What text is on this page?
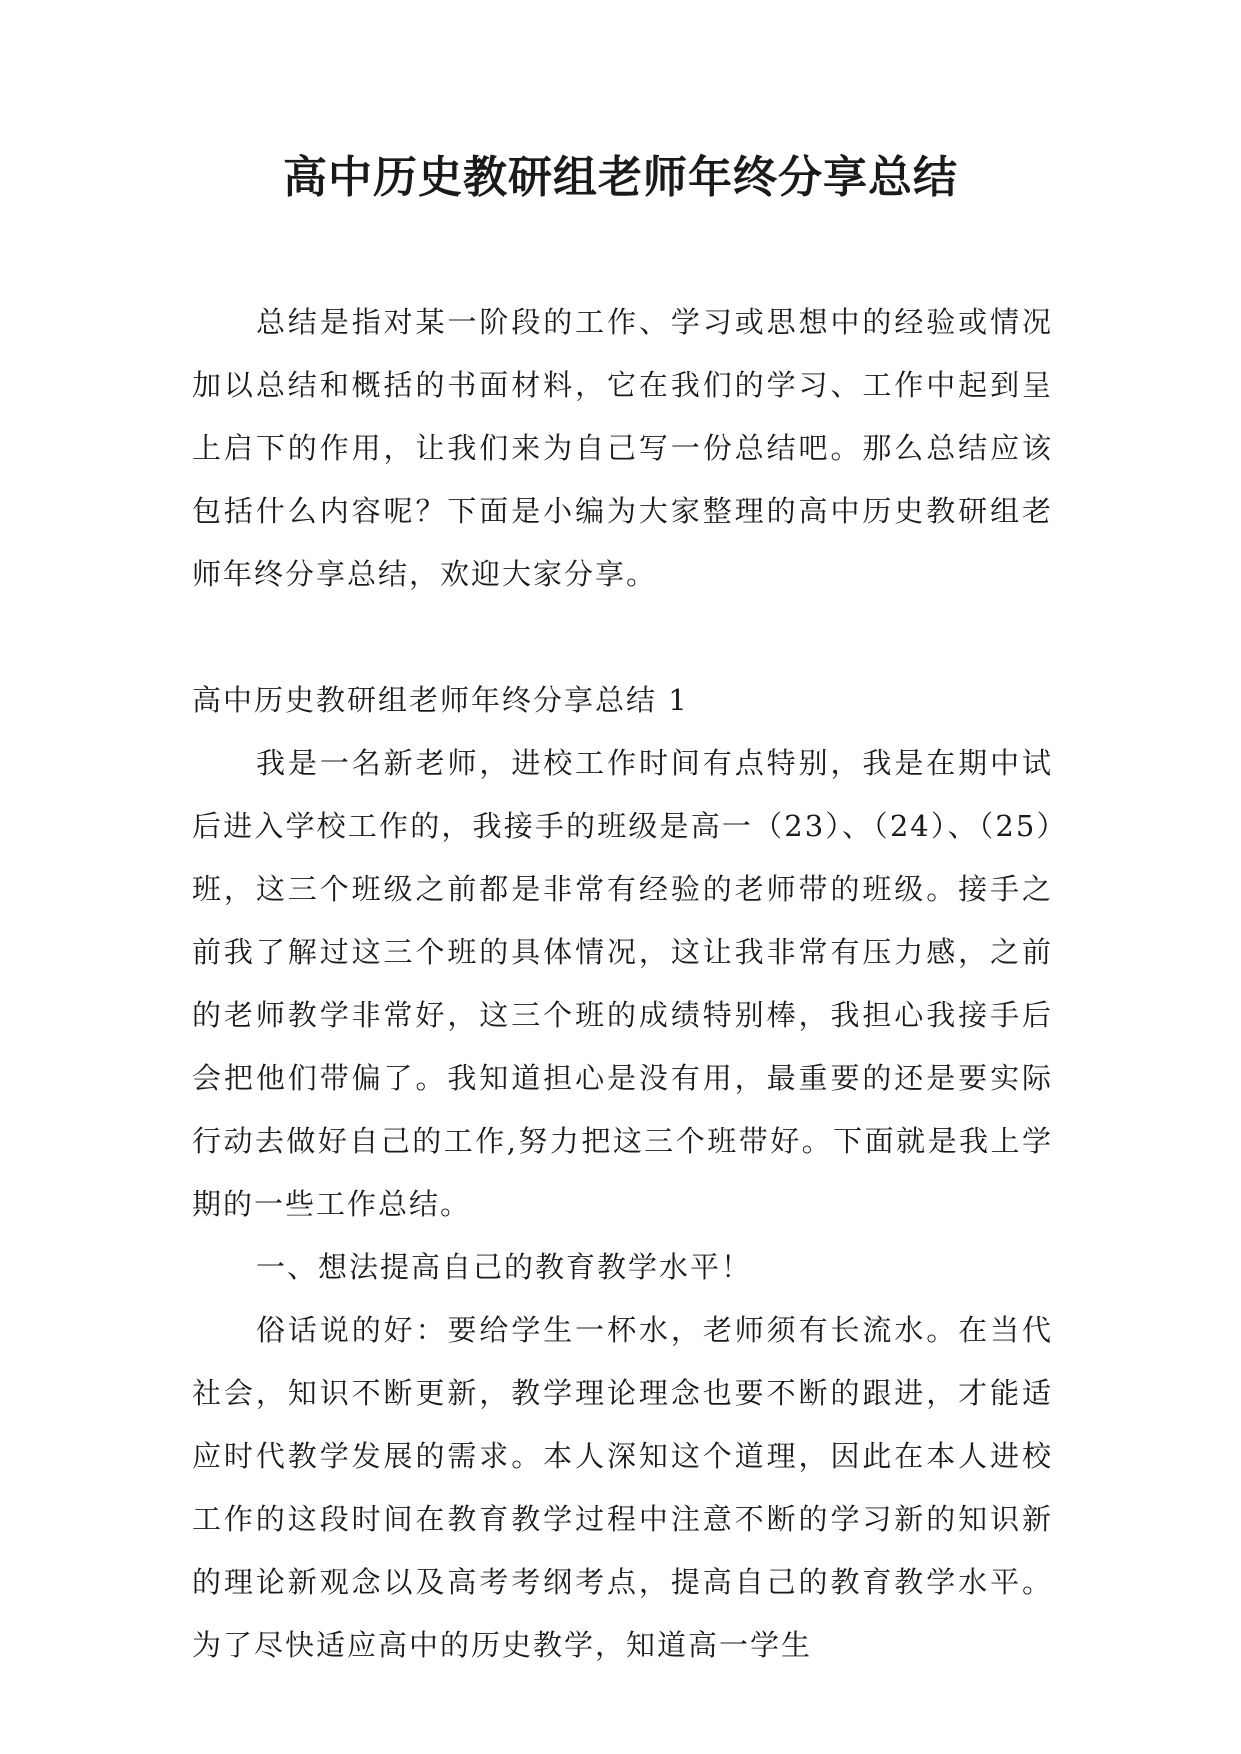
高中历史教研组老师年终分享总结

总结是指对某一阶段的工作、学习或思想中的经验或情况加以总结和概括的书面材料，它在我们的学习、工作中起到呈上启下的作用，让我们来为自己写一份总结吧。那么总结应该包括什么内容呢？下面是小编为大家整理的高中历史教研组老师年终分享总结，欢迎大家分享。

高中历史教研组老师年终分享总结 1

我是一名新老师，进校工作时间有点特别，我是在期中试后进入学校工作的，我接手的班级是高一（23）、（24）、（25）班，这三个班级之前都是非常有经验的老师带的班级。接手之前我了解过这三个班的具体情况，这让我非常有压力感，之前的老师教学非常好，这三个班的成绩特别棒，我担心我接手后会把他们带偏了。我知道担心是没有用，最重要的还是要实际行动去做好自己的工作,努力把这三个班带好。下面就是我上学期的一些工作总结。

一、想法提高自己的教育教学水平！

俗话说的好：要给学生一杯水，老师须有长流水。在当代社会，知识不断更新，教学理论理念也要不断的跟进，才能适应时代教学发展的需求。本人深知这个道理，因此在本人进校工作的这段时间在教育教学过程中注意不断的学习新的知识新的理论新观念以及高考考纲考点，提高自己的教育教学水平。为了尽快适应高中的历史教学，知道高一学生
